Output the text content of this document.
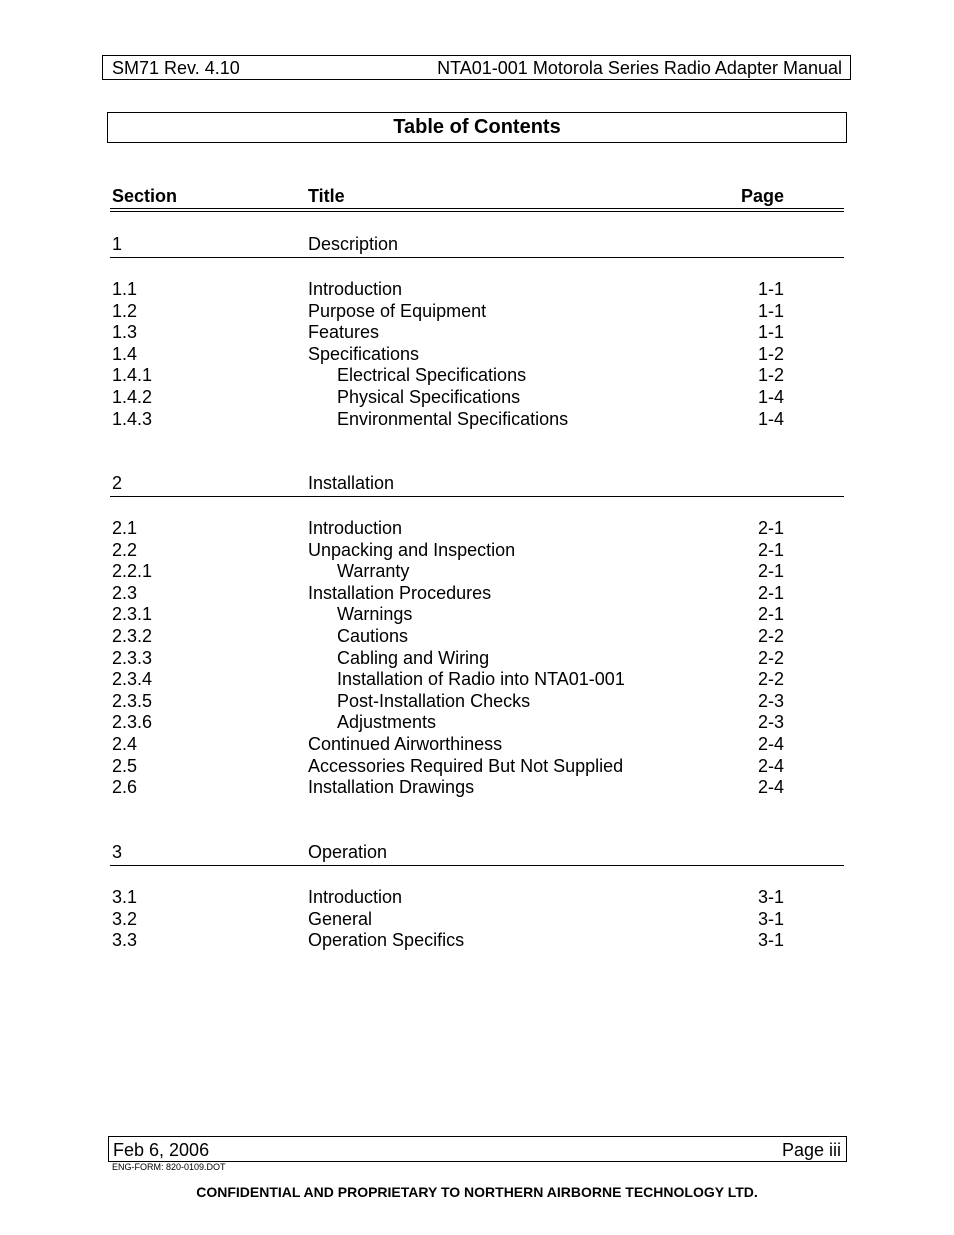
SM71 Rev. 4.10	NTA01-001 Motorola Series Radio Adapter Manual
Table of Contents
Section	Title	Page
1	Description
1.1	Introduction	1-1
1.2	Purpose of Equipment	1-1
1.3	Features	1-1
1.4	Specifications	1-2
1.4.1	Electrical Specifications	1-2
1.4.2	Physical Specifications	1-4
1.4.3	Environmental Specifications	1-4
2	Installation
2.1	Introduction	2-1
2.2	Unpacking and Inspection	2-1
2.2.1	Warranty	2-1
2.3	Installation Procedures	2-1
2.3.1	Warnings	2-1
2.3.2	Cautions	2-2
2.3.3	Cabling and Wiring	2-2
2.3.4	Installation of Radio into NTA01-001	2-2
2.3.5	Post-Installation Checks	2-3
2.3.6	Adjustments	2-3
2.4	Continued Airworthiness	2-4
2.5	Accessories Required But Not Supplied	2-4
2.6	Installation Drawings	2-4
3	Operation
3.1	Introduction	3-1
3.2	General	3-1
3.3	Operation Specifics	3-1
Feb 6, 2006	Page iii
ENG-FORM: 820-0109.DOT
CONFIDENTIAL AND PROPRIETARY TO NORTHERN AIRBORNE TECHNOLOGY LTD.
